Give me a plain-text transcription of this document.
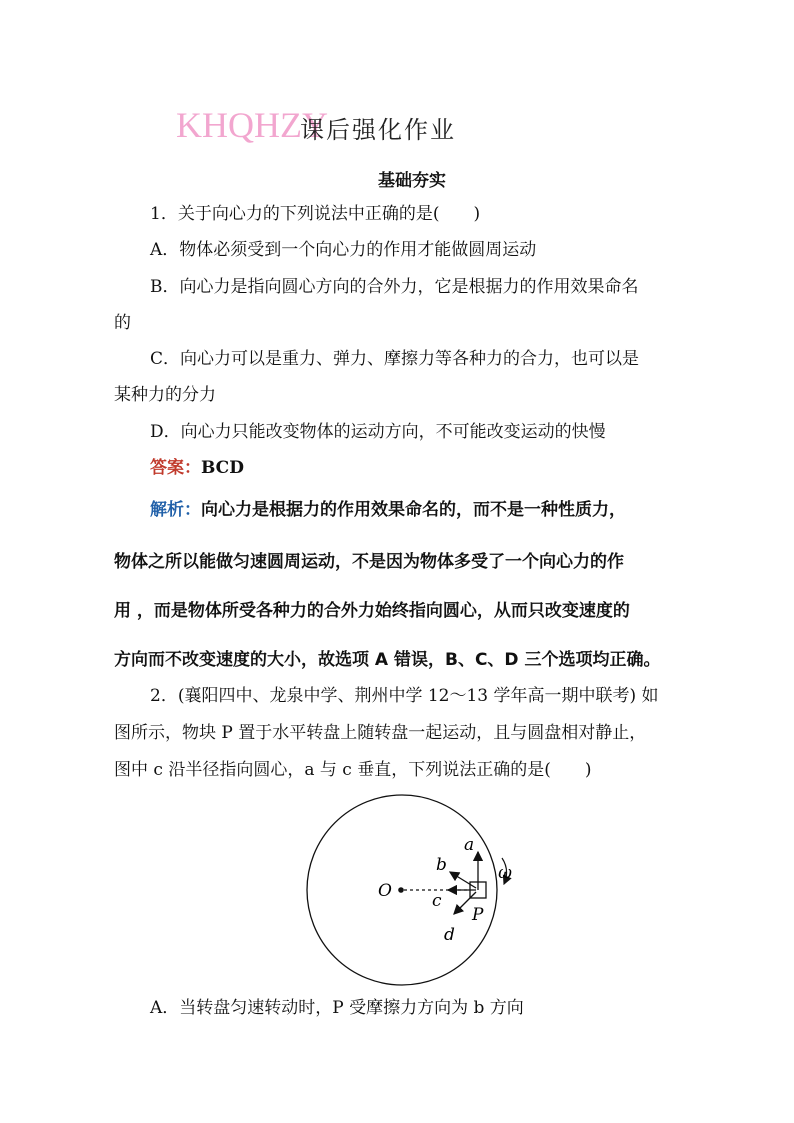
KHQHZY
课后强化作业
基础夯实
1．关于向心力的下列说法中正确的是(　　)
A．物体必须受到一个向心力的作用才能做圆周运动
B．向心力是指向圆心方向的合外力，它是根据力的作用效果命名
的
C．向心力可以是重力、弹力、摩擦力等各种力的合力，也可以是
某种力的分力
D．向心力只能改变物体的运动方向，不可能改变运动的快慢
答案：BCD
解析：向心力是根据力的作用效果命名的，而不是一种性质力，
物体之所以能做匀速圆周运动，不是因为物体多受了一个向心力的作
用 ，而是物体所受各种力的合外力始终指向圆心，从而只改变速度的
方向而不改变速度的大小，故选项 A 错误，B、C、D 三个选项均正确。
2．(襄阳四中、龙泉中学、荆州中学 12～13 学年高一期中联考) 如
图所示，物块 P 置于水平转盘上随转盘一起运动，且与圆盘相对静止，
图中 c 沿半径指向圆心，a 与 c 垂直，下列说法正确的是(　　)
O
a
b
c
d
P
ω
A．当转盘匀速转动时，P 受摩擦力方向为 b 方向
